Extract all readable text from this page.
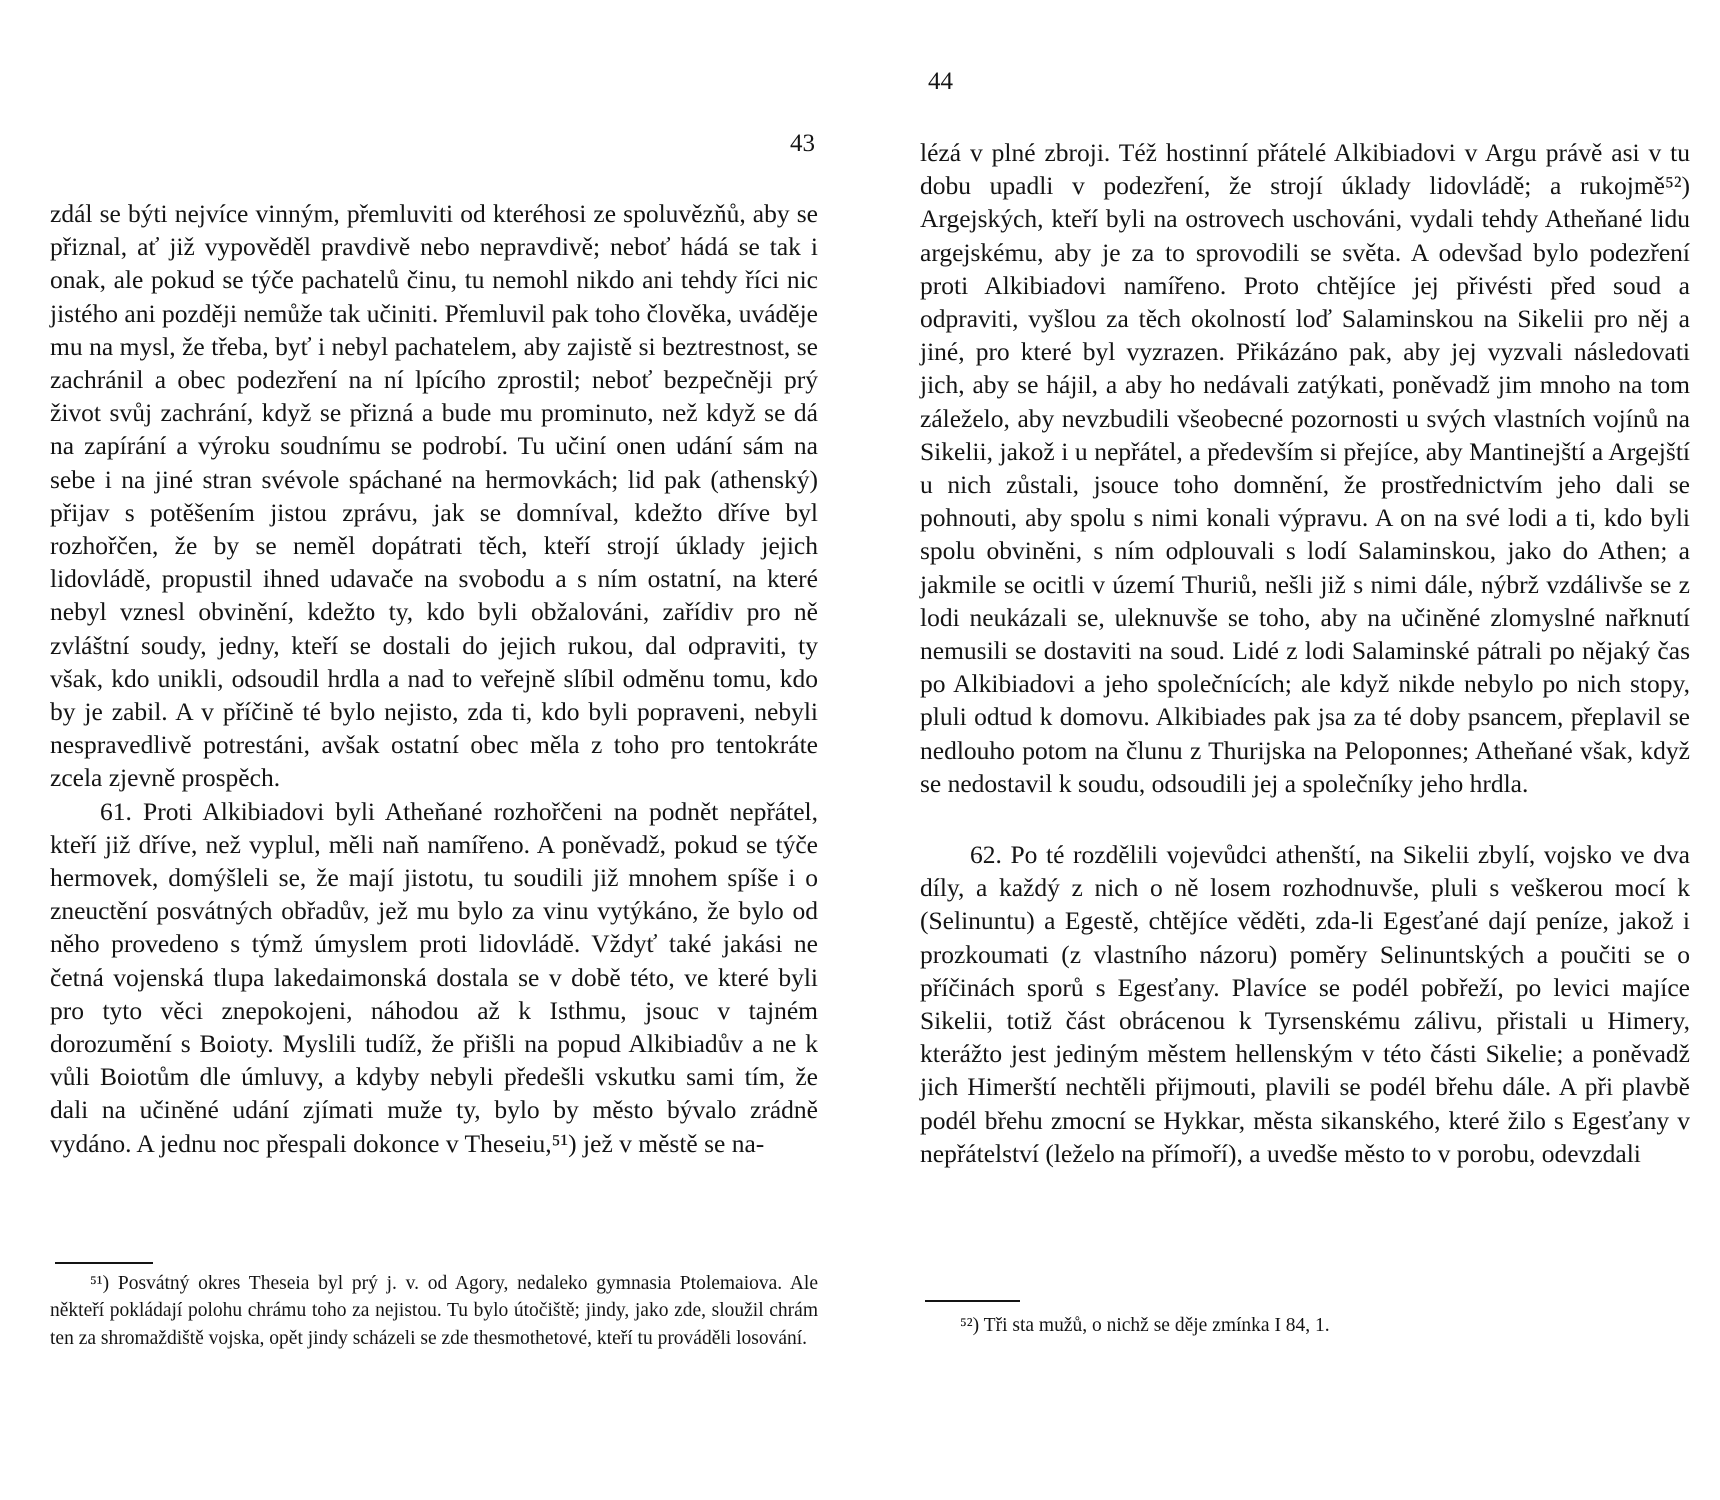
43

zdál se býti nejvíce vinným, přemluviti od kteréhosi ze spoluvězňů, aby se přiznal, ať již vypověděl pravdivě nebo nepravdivě; neboť hádá se tak i onak, ale pokud se týče pachatelů činu, tu nemohl nikdo ani tehdy říci nic jistého ani později nemůže tak učiniti. Přemluvil pak toho člověka, uváděje mu na mysl, že třeba, byť i nebyl pachatelem, aby zajistě si beztrestnost, se zachránil a obec podezření na ní lpícího zprostil; neboť bezpečněji prý život svůj zachrání, když se přizná a bude mu prominuto, než když se dá na zapírání a výroku soudnímu se podrobí. Tu učiní onen udání sám na sebe i na jiné stran svévole spáchané na hermovkách; lid pak (athenský) přijav s potěšením jistou zprávu, jak se domníval, kdežto dříve byl rozhořčen, že by se neměl dopátrati těch, kteří strojí úklady jejich lidovládě, propustil ihned udavače na svobodu a s ním ostatní, na které nebyl vznesl obvinění, kdežto ty, kdo byli obžalováni, zařídiv pro ně zvláštní soudy, jedny, kteří se dostali do jejich rukou, dal odpraviti, ty však, kdo unikli, odsoudil hrdla a nad to veřejně slíbil odměnu tomu, kdo by je zabil. A v příčině té bylo nejisto, zda ti, kdo byli popraveni, nebyli nespravedlivě potrestáni, avšak ostatní obec měla z toho pro tentokráte zcela zjevně prospěch.

61. Proti Alkibiadovi byli Atheňané rozhořčeni na podnět nepřátel, kteří již dříve, než vyplul, měli naň namířeno. A poněvadž, pokud se týče hermovek, domýšleli se, že mají jistotu, tu soudili již mnohem spíše i o zneuctění posvátných obřadův, jež mu bylo za vinu vytýkáno, že bylo od něho provedeno s týmž úmyslem proti lidovládě. Vždyť také jakási ne četná vojenská tlupa lakedaimonská dostala se v době této, ve které byli pro tyto věci znepokojeni, náhodou až k Isthmu, jsouc v tajném dorozumění s Boioty. Myslili tudíž, že přišli na popud Alkibiadův a ne k vůli Boiotům dle úmluvy, a kdyby nebyli předešli vskutku sami tím, že dali na učiněné udání zjímati muže ty, bylo by město bývalo zrádně vydáno. A jednu noc přespali dokonce v Theseiu,⁵¹) jež v městě se na-

⁵¹) Posvátný okres Theseia byl prý j. v. od Agory, nedaleko gymnasia Ptolemaiova. Ale někteří pokládají polohu chrámu toho za nejistou. Tu bylo útočiště; jindy, jako zde, sloužil chrám ten za shromaždiště vojska, opět jindy scházeli se zde thesmothetové, kteří tu prováděli losování.

44

lézá v plné zbroji. Též hostinní přátelé Alkibiadovi v Argu právě asi v tu dobu upadli v podezření, že strojí úklady lidovládě; a rukojmě⁵²) Argejských, kteří byli na ostrovech uschováni, vydali tehdy Atheňané lidu argejskému, aby je za to sprovodili se světa. A odevšad bylo podezření proti Alkibiadovi namířeno. Proto chtějíce jej přivésti před soud a odpraviti, vyšlou za těch okolností loď Salaminskou na Sikelii pro něj a jiné, pro které byl vyzrazen. Přikázáno pak, aby jej vyzvali následovati jich, aby se hájil, a aby ho nedávali zatýkati, poněvadž jim mnoho na tom záleželo, aby nevzbudili všeobecné pozornosti u svých vlastních vojínů na Sikelii, jakož i u nepřátel, a především si přejíce, aby Mantinejští a Argejští u nich zůstali, jsouce toho domnění, že prostřednictvím jeho dali se pohnouti, aby spolu s nimi konali výpravu. A on na své lodi a ti, kdo byli spolu obviněni, s ním odplouvali s lodí Salaminskou, jako do Athen; a jakmile se ocitli v území Thuriů, nešli již s nimi dále, nýbrž vzdálivše se z lodi neukázali se, uleknuvše se toho, aby na učiněné zlomyslné nařknutí nemusili se dostaviti na soud. Lidé z lodi Salaminské pátrali po nějaký čas po Alkibiadovi a jeho společnících; ale když nikde nebylo po nich stopy, pluli odtud k domovu. Alkibiades pak jsa za té doby psancem, přeplavil se nedlouho potom na člunu z Thurijska na Peloponnes; Atheňané však, když se nedostavil k soudu, odsoudili jej a společníky jeho hrdla.

62. Po té rozdělili vojevůdci athenští, na Sikelii zbylí, vojsko ve dva díly, a každý z nich o ně losem rozhodnuvše, pluli s veškerou mocí k (Selinuntu) a Egestě, chtějíce věděti, zda-li Egesťané dají peníze, jakož i prozkoumati (z vlastního názoru) poměry Selinuntských a poučiti se o příčinách sporů s Egesťany. Plavíce se podél pobřeží, po levici majíce Sikelii, totiž část obrácenou k Tyrsenskému zálivu, přistali u Himery, kterážto jest jediným městem hellenským v této části Sikelie; a poněvadž jich Himerští nechtěli přijmouti, plavili se podél břehu dále. A při plavbě podél břehu zmocní se Hykkar, města sikanského, které žilo s Egesťany v nepřátelství (leželo na přímoří), a uvedše město to v porobu, odevzdali

⁵²) Tři sta mužů, o nichž se děje zmínka I 84, 1.
